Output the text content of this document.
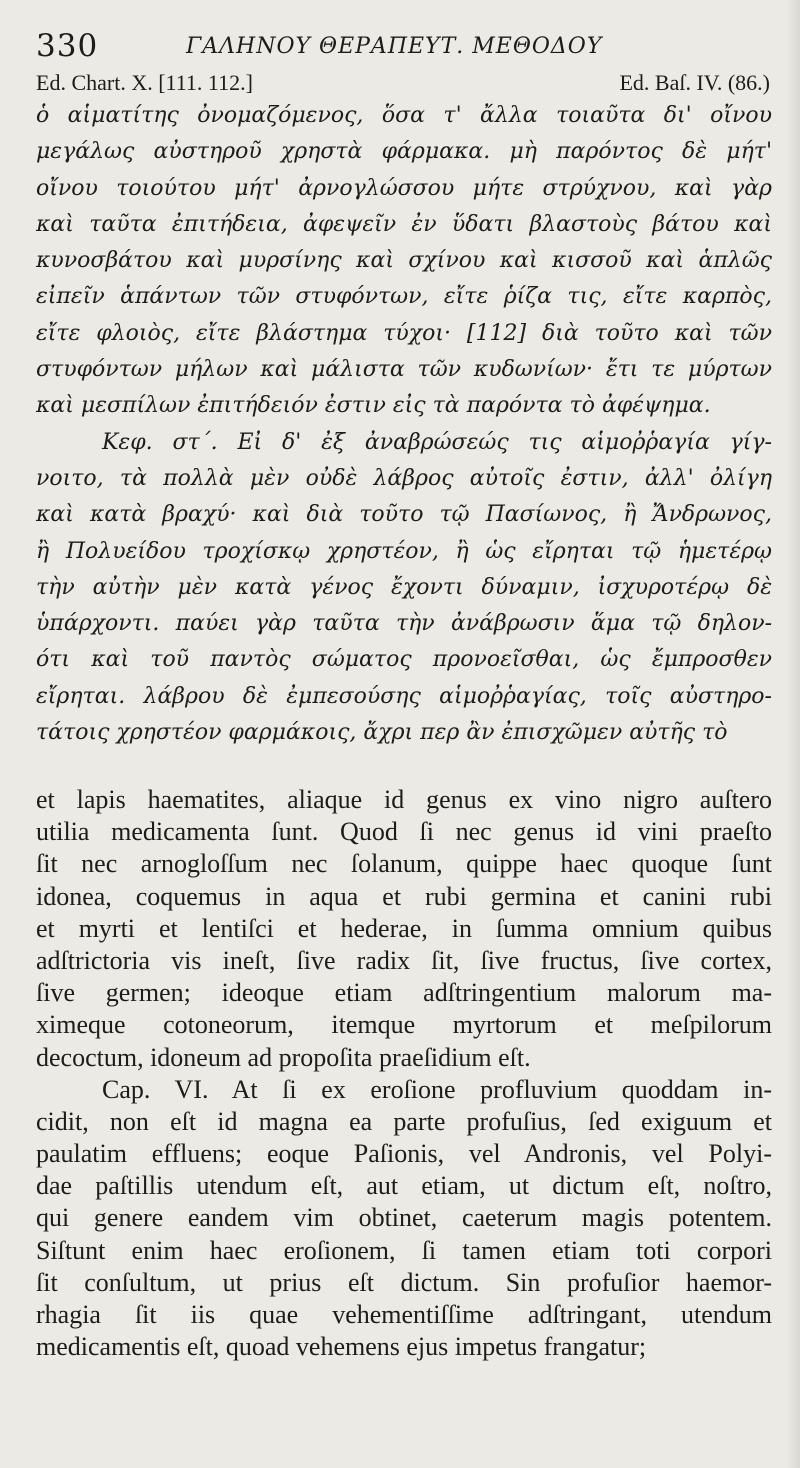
330	ΓΑΛΗΝΟΥ ΘΕΡΑΠΕΥΤ. ΜΕΘΟΔΟΥ
Ed. Chart. X. [111. 112.]	Ed. Baſ. IV. (86.)
ὁ αἱματίτης ὀνομαζόμενος, ὅσα τ' ἄλλα τοιαῦτα δι' οἴνου
μεγάλως αὐστηροῦ χρηστὰ φάρμακα. μὴ παρόντος δὲ μήτ'
οἴνου τοιούτου μήτ' ἀρνογλώσσου μήτε στρύχνου, καὶ γὰρ
καὶ ταῦτα ἐπιτήδεια, ἀφεψεῖν ἐν ὕδατι βλαστοὺς βάτου καὶ
κυνοσβάτου καὶ μυρσίνης καὶ σχίνου καὶ κισσοῦ καὶ ἁπλῶς
εἰπεῖν ἁπάντων τῶν στυφόντων, εἴτε ῥίζα τις, εἴτε καρπὸς,
εἴτε φλοιὸς, εἴτε βλάστημα τύχοι· [112] διὰ τοῦτο καὶ τῶν
στυφόντων μήλων καὶ μάλιστα τῶν κυδωνίων· ἔτι τε μύρτων
καὶ μεσπίλων ἐπιτήδειόν ἐστιν εἰς τὰ παρόντα τὸ ἀφέψημα.
Κεφ. στ΄. Εἰ δ' ἐξ ἀναβρώσεώς τις αἱμοῤῥαγία γίγ-
νοιτο, τὰ πολλὰ μὲν οὐδὲ λάβρος αὐτοῖς ἐστιν, ἀλλ' ὀλίγη
καὶ κατὰ βραχύ· καὶ διὰ τοῦτο τῷ Πασίωνος, ἢ Ἄνδρωνος,
ἢ Πολυείδου τροχίσκῳ χρηστέον, ἢ ὡς εἴρηται τῷ ἡμετέρῳ
τὴν αὐτὴν μὲν κατὰ γένος ἔχοντι δύναμιν, ἰσχυροτέρῳ δὲ
ὑπάρχοντι. παύει γὰρ ταῦτα τὴν ἀνάβρωσιν ἅμα τῷ δηλον-
ότι καὶ τοῦ παντὸς σώματος προνοεῖσθαι, ὡς ἔμπροσθεν
εἴρηται. λάβρου δὲ ἐμπεσούσης αἱμοῤῥαγίας, τοῖς αὐστηρο-
τάτοις χρηστέον φαρμάκοις, ἄχρι περ ἂν ἐπισχῶμεν αὐτῆς τὸ
et lapis haematites, aliaque id genus ex vino nigro auſtero
utilia medicamenta ſunt. Quod ſi nec genus id vini praeſto
ſit nec arnogloſſum nec ſolanum, quippe haec quoque ſunt
idonea, coquemus in aqua et rubi germina et canini rubi
et myrti et lentiſci et hederae, in ſumma omnium quibus
adſtrictoria vis ineſt, ſive radix ſit, ſive fructus, ſive cortex,
ſive germen; ideoque etiam adſtringentium malorum ma-
ximeque cotoneorum, itemque myrtorum et meſpilorum
decoctum, idoneum ad propoſita praeſidium eſt.
Cap. VI. At ſi ex eroſione profluvium quoddam in-
cidit, non eſt id magna ea parte profuſius, ſed exiguum et
paulatim effluens; eoque Paſionis, vel Andronis, vel Polyi-
dae paſtillis utendum eſt, aut etiam, ut dictum eſt, noſtro,
qui genere eandem vim obtinet, caeterum magis potentem.
Siſtunt enim haec eroſionem, ſi tamen etiam toti corpori
ſit conſultum, ut prius eſt dictum. Sin profuſior haemor-
rhagia ſit iis quae vehementiſſime adſtringant, utendum
medicamentis eſt, quoad vehemens ejus impetus frangatur;
